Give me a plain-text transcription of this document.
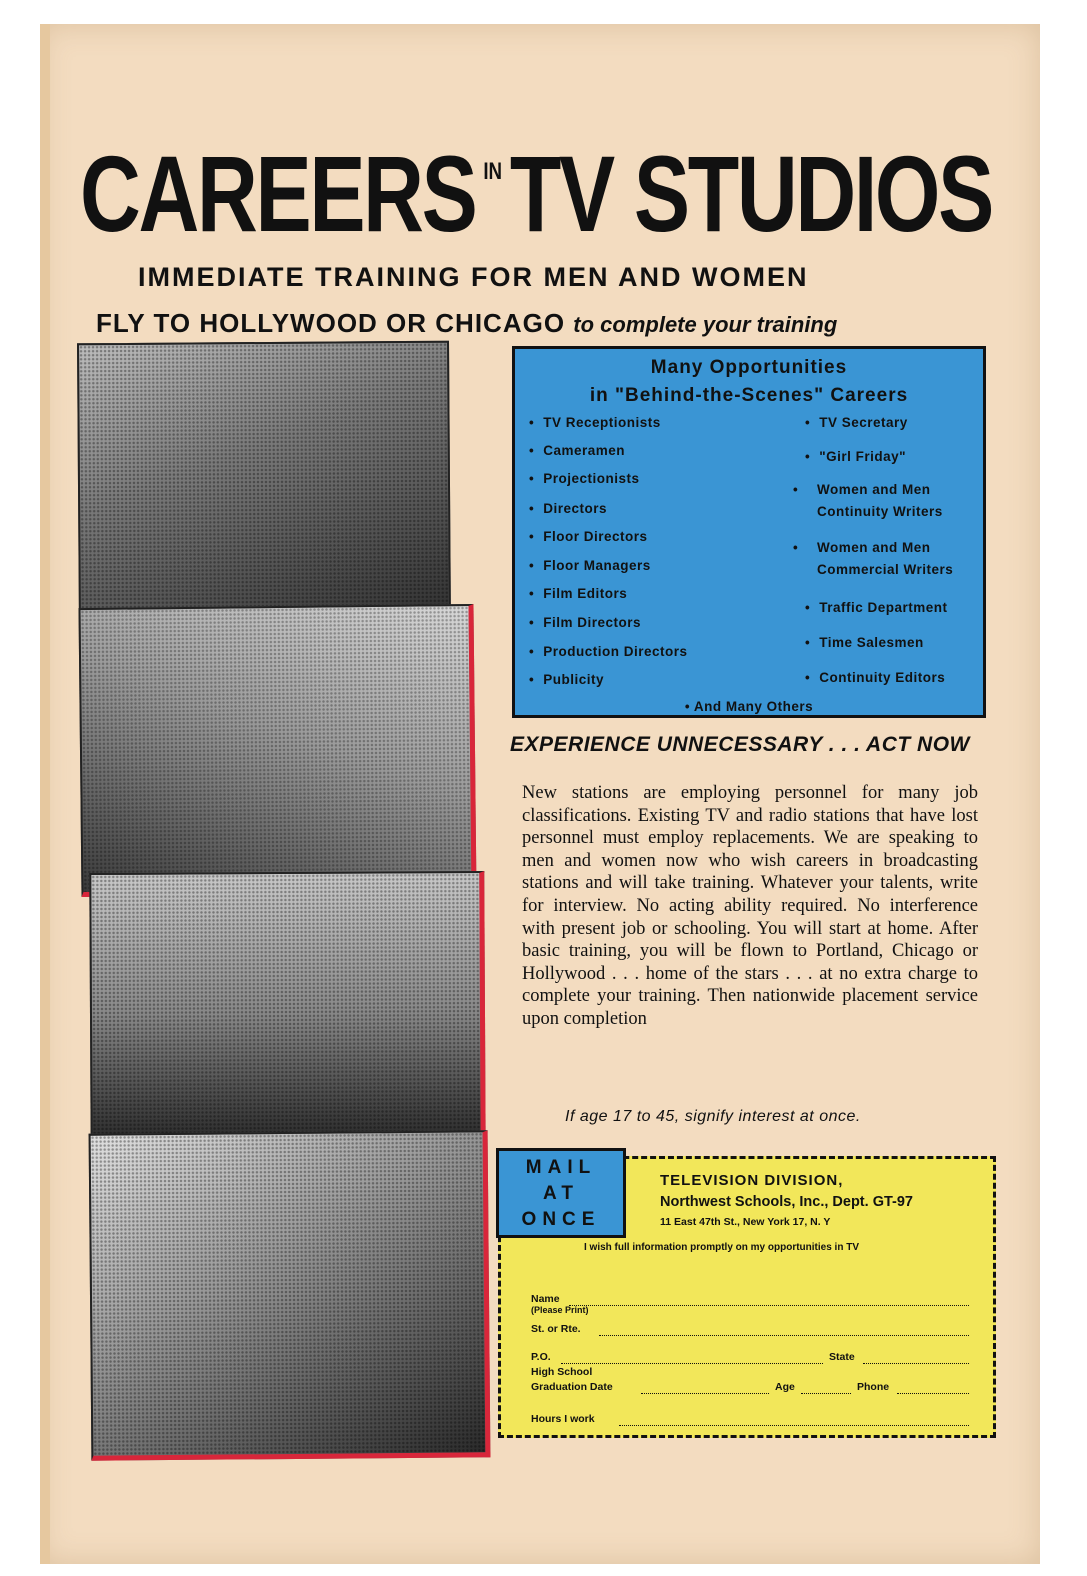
CAREERS $^{IN}$TV STUDIOS
IMMEDIATE TRAINING FOR MEN AND WOMEN
FLY TO HOLLYWOOD OR CHICAGO to complete your training
Many Opportunities
in "Behind-the-Scenes" Careers
• TV Receptionists
• Cameramen
• Projectionists
• Directors
• Floor Directors
• Floor Managers
• Film Editors
• Film Directors
• Production Directors
• Publicity
• TV Secretary
• "Girl Friday"
• Women and Men Continuity Writers
• Women and Men Commercial Writers
• Traffic Department
• Time Salesmen
• Continuity Editors
• And Many Others
EXPERIENCE UNNECESSARY . . . ACT NOW
New stations are employing personnel for many job classifications. Existing TV and radio stations that have lost personnel must employ replacements. We are speaking to men and women now who wish careers in broadcasting stations and will take training. Whatever your talents, write for interview. No acting ability required. No interference with present job or schooling. You will start at home. After basic training, you will be flown to Portland, Chicago or Hollywood . . . home of the stars . . . at no extra charge to complete your training. Then nationwide placement service upon completion
If age 17 to 45, signify interest at once.
Name
(Please Print)
St. or Rte.
P.O.	State
High School
Graduation Date	Age	Phone
Hours I work
MAIL
AT
ONCE
TELEVISION DIVISION,
Northwest Schools, Inc., Dept. GT-97
11 East 47th St., New York 17, N. Y
I wish full information promptly on my opportunities in TV
